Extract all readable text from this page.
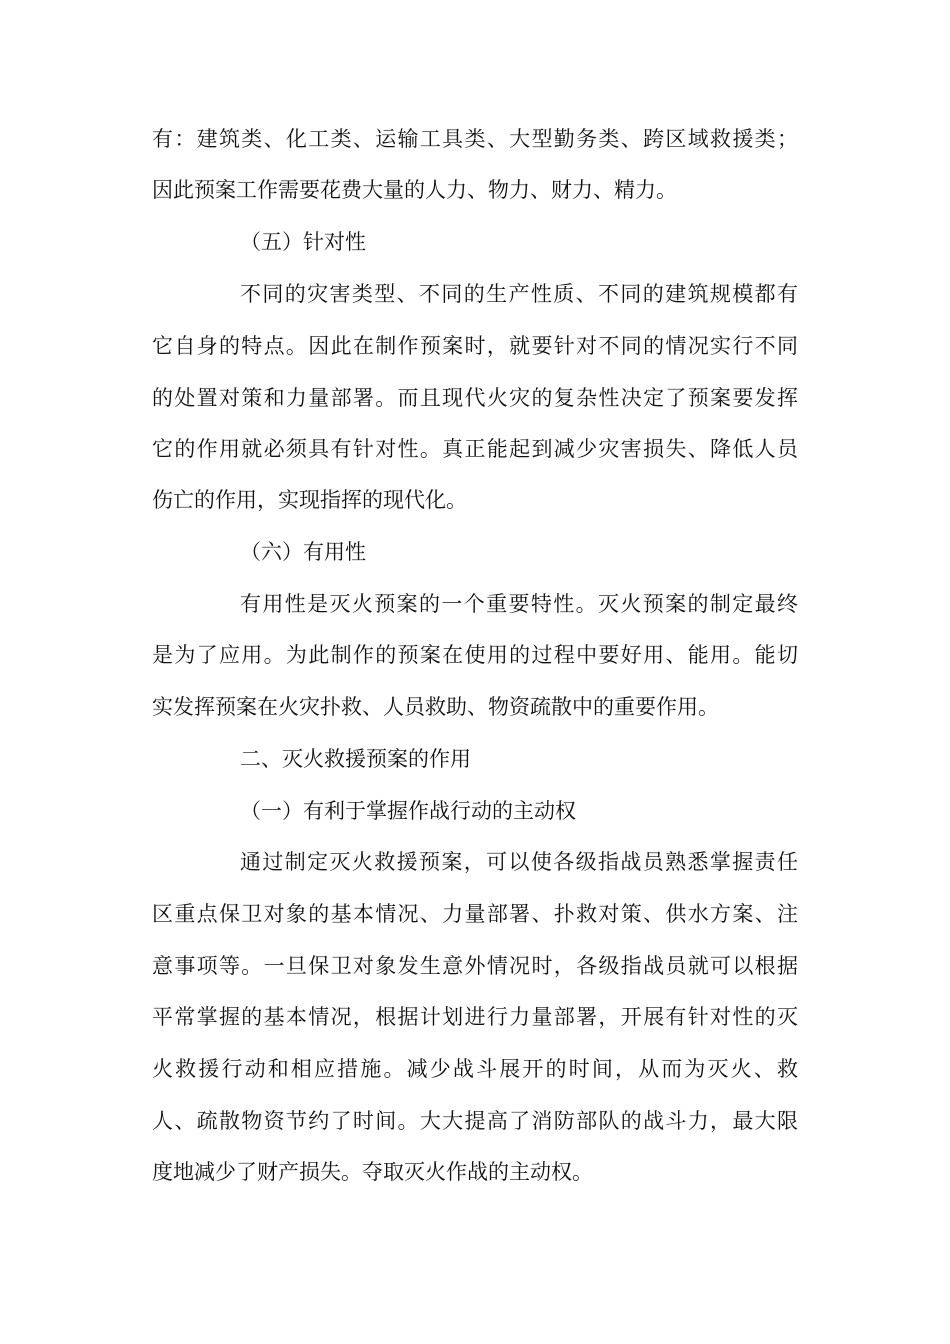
有：建筑类、化工类、运输工具类、大型勤务类、跨区域救援类；
因此预案工作需要花费大量的人力、物力、财力、精力。
（五）针对性
不同的灾害类型、不同的生产性质、不同的建筑规模都有
它自身的特点。因此在制作预案时，就要针对不同的情况实行不同
的处置对策和力量部署。而且现代火灾的复杂性决定了预案要发挥
它的作用就必须具有针对性。真正能起到减少灾害损失、降低人员
伤亡的作用，实现指挥的现代化。
（六）有用性
有用性是灭火预案的一个重要特性。灭火预案的制定最终
是为了应用。为此制作的预案在使用的过程中要好用、能用。能切
实发挥预案在火灾扑救、人员救助、物资疏散中的重要作用。
二、灭火救援预案的作用
（一）有利于掌握作战行动的主动权
通过制定灭火救援预案，可以使各级指战员熟悉掌握责任
区重点保卫对象的基本情况、力量部署、扑救对策、供水方案、注
意事项等。一旦保卫对象发生意外情况时，各级指战员就可以根据
平常掌握的基本情况，根据计划进行力量部署，开展有针对性的灭
火救援行动和相应措施。减少战斗展开的时间，从而为灭火、救
人、疏散物资节约了时间。大大提高了消防部队的战斗力，最大限
度地减少了财产损失。夺取灭火作战的主动权。
